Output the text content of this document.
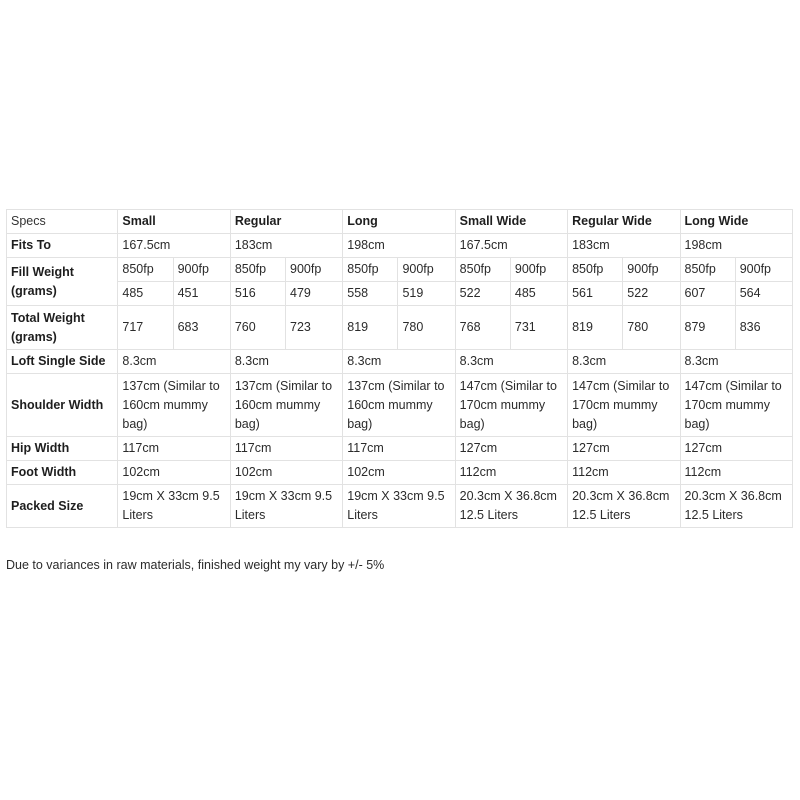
Specs	Small		Regular		Long		Small Wide		Regular Wide		Long Wide	
Fits To	167.5cm		183cm		198cm		167.5cm		183cm		198cm	
Fill Weight (grams)	850fp	900fp	850fp	900fp	850fp	900fp	850fp	900fp	850fp	900fp	850fp	900fp
	485	451	516	479	558	519	522	485	561	522	607	564
Total Weight (grams)	717	683	760	723	819	780	768	731	819	780	879	836
Loft Single Side	8.3cm		8.3cm		8.3cm		8.3cm		8.3cm		8.3cm	
Shoulder Width	137cm (Similar to 160cm mummy bag)		137cm (Similar to 160cm mummy bag)		137cm (Similar to 160cm mummy bag)		147cm (Similar to 170cm mummy bag)		147cm (Similar to 170cm mummy bag)		147cm (Similar to 170cm mummy bag)	
Hip Width	117cm		117cm		117cm		127cm		127cm		127cm	
Foot Width	102cm		102cm		102cm		112cm		112cm		112cm	
Packed Size	19cm X 33cm 9.5 Liters		19cm X 33cm 9.5 Liters		19cm X 33cm 9.5 Liters		20.3cm X 36.8cm 12.5 Liters		20.3cm X 36.8cm 12.5 Liters		20.3cm X 36.8cm 12.5 Liters	
Due to variances in raw materials, finished weight my vary by +/- 5%
